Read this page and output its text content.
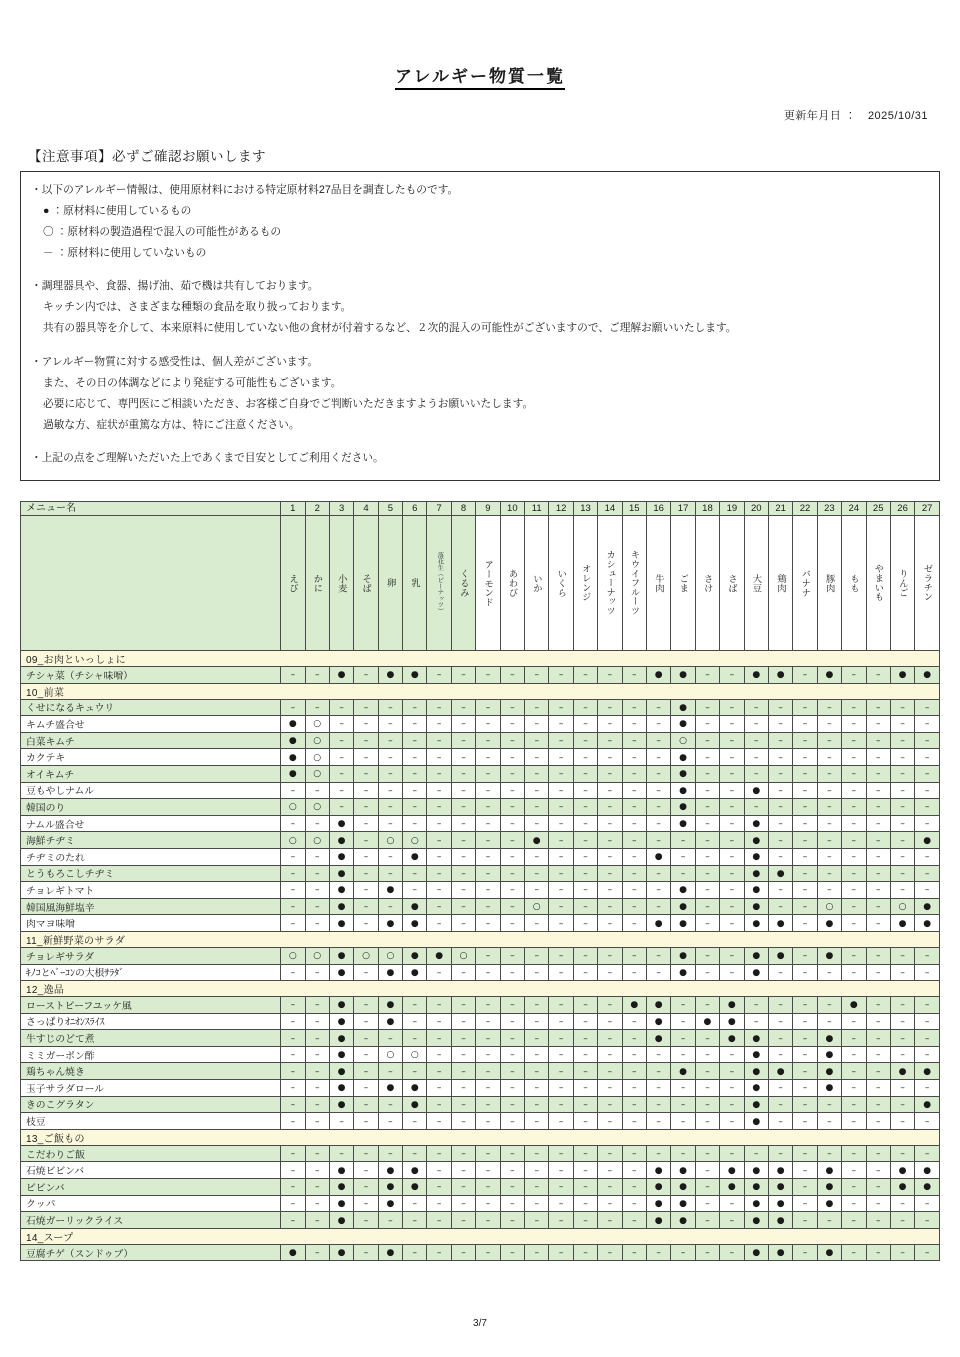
アレルギー物質一覧
更新年月日 ： 2025/10/31
【注意事項】必ずご確認お願いします

・以下のアレルギー情報は、使用原材料における特定原材料27品目を調査したものです。

● ：原材料に使用しているもの

〇 ：原材料の製造過程で混入の可能性があるもの

－ ：原材料に使用していないもの

・調理器具や、食器、揚げ油、茹で機は共有しております。

キッチン内では、さまざまな種類の食品を取り扱っております。

共有の器具等を介して、本来原料に使用していない他の食材が付着するなど、２次的混入の可能性がございますので、ご理解お願いいたします。

・アレルギー物質に対する感受性は、個人差がございます。

また、その日の体調などにより発症する可能性もございます。

必要に応じて、専門医にご相談いただき、お客様ご自身でご判断いただきますようお願いいたします。

過敏な方、症状が重篤な方は、特にご注意ください。

・上記の点をご理解いただいた上であくまで目安としてご利用ください。

メニュー名	1	2	3	4	5	6	7	8	9	10	11	12	13	14	15	16	17	18	19	20	21	22	23	24	25	26	27
	えび	かに	小麦	そば	卵	乳	落花生（ピーナッツ）	くるみ	アーモンド	あわび	いか	いくら	オレンジ	カシューナッツ	キウイフルーツ	牛肉	ごま	さけ	さば	大豆	鶏肉	バナナ	豚肉	もも	やまいも	りんご	ゼラチン
09_お肉といっしょに																											
チシャ菜（チシャ味噌）	–	–	●	–	●	●	–	–	–	–	–	–	–	–	–	●	●	–	–	●	●	–	●	–	–	●	●
10_前菜																											
くせになるキュウリ	–	–	–	–	–	–	–	–	–	–	–	–	–	–	–	–	●	–	–	–	–	–	–	–	–	–	–
キムチ盛合せ	●	○	–	–	–	–	–	–	–	–	–	–	–	–	–	–	●	–	–	–	–	–	–	–	–	–	–
白菜キムチ	●	○	–	–	–	–	–	–	–	–	–	–	–	–	–	–	○	–	–	–	–	–	–	–	–	–	–
カクテキ	●	○	–	–	–	–	–	–	–	–	–	–	–	–	–	–	●	–	–	–	–	–	–	–	–	–	–
オイキムチ	●	○	–	–	–	–	–	–	–	–	–	–	–	–	–	–	●	–	–	–	–	–	–	–	–	–	–
豆もやしナムル	–	–	–	–	–	–	–	–	–	–	–	–	–	–	–	–	●	–	–	●	–	–	–	–	–	–	–
韓国のり	○	○	–	–	–	–	–	–	–	–	–	–	–	–	–	–	●	–	–	–	–	–	–	–	–	–	–
ナムル盛合せ	–	–	●	–	–	–	–	–	–	–	–	–	–	–	–	–	●	–	–	●	–	–	–	–	–	–	–
海鮮チヂミ	○	○	●	–	○	○	–	–	–	–	●	–	–	–	–	–	–	–	–	●	–	–	–	–	–	–	●
チヂミのたれ	–	–	●	–	–	●	–	–	–	–	–	–	–	–	–	●	–	–	–	●	–	–	–	–	–	–	–
とうもろこしチヂミ	–	–	●	–	–	–	–	–	–	–	–	–	–	–	–	–	–	–	–	●	●	–	–	–	–	–	–
チョレギトマト	–	–	●	–	●	–	–	–	–	–	–	–	–	–	–	–	●	–	–	●	–	–	–	–	–	–	–
韓国風海鮮塩辛	–	–	●	–	–	●	–	–	–	–	○	–	–	–	–	–	●	–	–	●	–	–	○	–	–	○	●
肉マヨ味噌	–	–	●	–	●	●	–	–	–	–	–	–	–	–	–	●	●	–	–	●	●	–	●	–	–	●	●
11_新鮮野菜のサラダ																											
チョレギサラダ	○	○	●	○	○	●	●	○	–	–	–	–	–	–	–	–	●	–	–	●	●	–	●	–	–	–	–
ｷﾉｺとﾍﾞｰｺﾝの大根ｻﾗﾀﾞ	–	–	●	–	●	●	–	–	–	–	–	–	–	–	–	–	●	–	–	●	–	–	–	–	–	–	–
12_逸品																											
ローストビーフユッケ風	–	–	●	–	●	–	–	–	–	–	–	–	–	–	●	●	–	–	●	–	–	–	–	●	–	–	–
さっぱりｵﾆｵﾝｽﾗｲｽ	–	–	●	–	●	–	–	–	–	–	–	–	–	–	–	●	–	●	●	–	–	–	–	–	–	–	–
牛すじのどて煮	–	–	●	–	–	–	–	–	–	–	–	–	–	–	–	●	–	–	●	●	–	–	●	–	–	–	–
ミミガーポン酢	–	–	●	–	○	○	–	–	–	–	–	–	–	–	–	–	–	–	–	●	–	–	●	–	–	–	–
鶏ちゃん焼き	–	–	●	–	–	–	–	–	–	–	–	–	–	–	–	–	●	–	–	●	●	–	●	–	–	●	●
玉子サラダロール	–	–	●	–	●	●	–	–	–	–	–	–	–	–	–	–	–	–	–	●	–	–	●	–	–	–	–
きのこグラタン	–	–	●	–	–	●	–	–	–	–	–	–	–	–	–	–	–	–	–	●	–	–	–	–	–	–	●
枝豆	–	–	–	–	–	–	–	–	–	–	–	–	–	–	–	–	–	–	–	●	–	–	–	–	–	–	–
13_ご飯もの																											
こだわりご飯	–	–	–	–	–	–	–	–	–	–	–	–	–	–	–	–	–	–	–	–	–	–	–	–	–	–	–
石焼ビビンバ	–	–	●	–	●	●	–	–	–	–	–	–	–	–	–	●	●	–	●	●	●	–	●	–	–	●	●
ビビンバ	–	–	●	–	●	●	–	–	–	–	–	–	–	–	–	●	●	–	●	●	●	–	●	–	–	●	●
クッパ	–	–	●	–	●	–	–	–	–	–	–	–	–	–	–	●	●	–	–	●	●	–	●	–	–	–	–
石焼ガーリックライス	–	–	●	–	–	–	–	–	–	–	–	–	–	–	–	●	●	–	–	●	●	–	–	–	–	–	–
14_スープ																											
豆腐チゲ（スンドゥブ）	●	–	●	–	●	–	–	–	–	–	–	–	–	–	–	–	–	–	–	●	●	–	●	–	–	–	–
3/7
